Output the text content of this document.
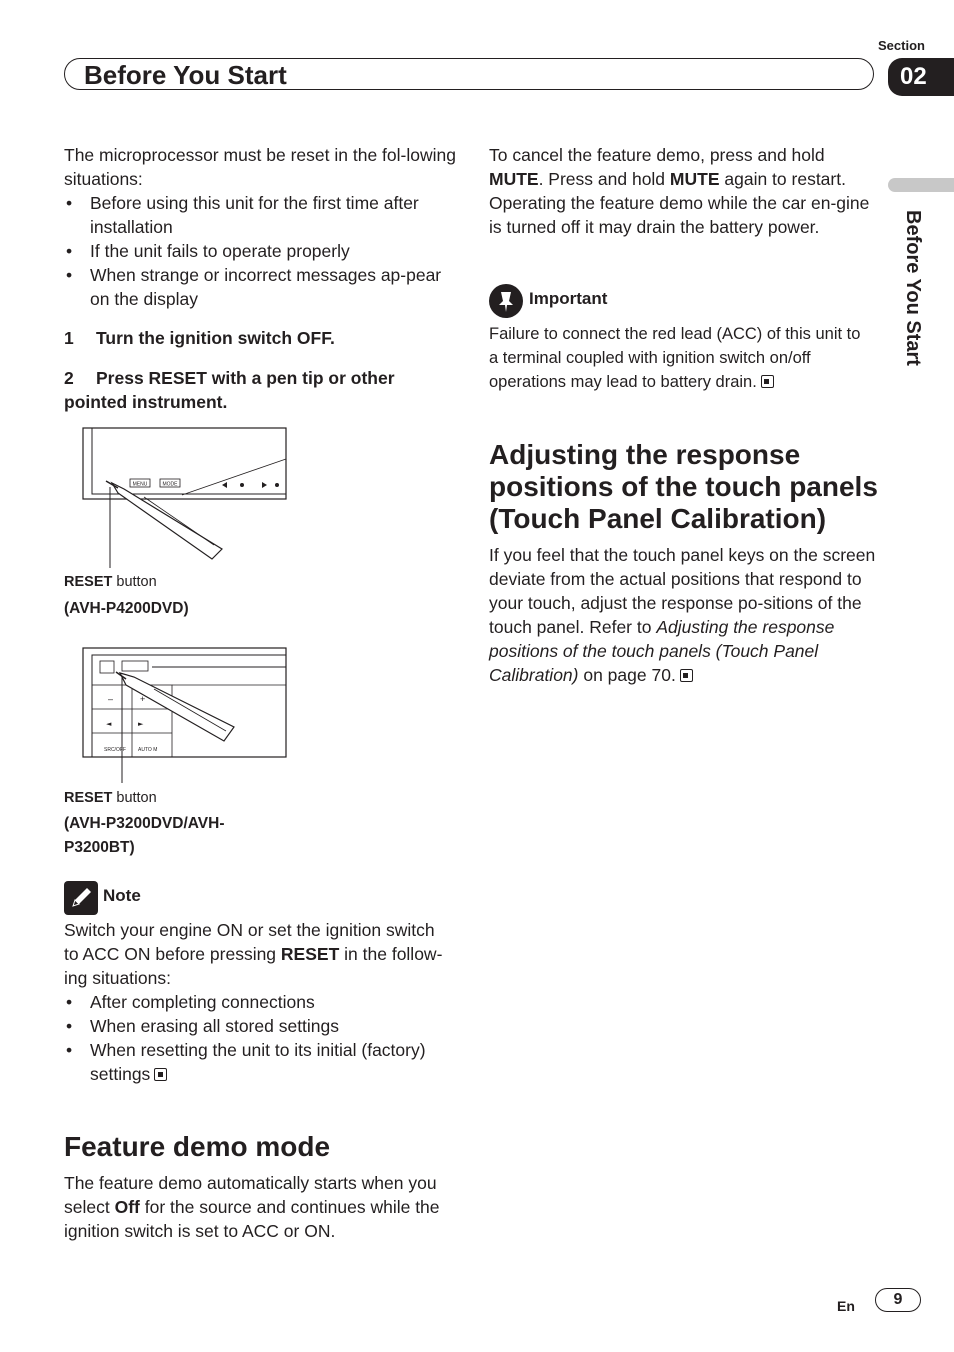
Section
Before You Start	02
Before You Start

The microprocessor must be reset in the fol-lowing situations:

• Before using this unit for the first time after installation
• If the unit fails to operate properly
• When strange or incorrect messages ap-pear on the display
1 Turn the ignition switch OFF.
2 Press RESET with a pen tip or other pointed instrument.
MENU	MODE
RESET button
(AVH-P4200DVD)
–	+
◄	►
SRC/OFF AUTO M
RESET button
(AVH-P3200DVD/AVH-
P3200BT)
Note

Switch your engine ON or set the ignition switch to ACC ON before pressing RESET in the follow-ing situations:

• After completing connections
• When erasing all stored settings
• When resetting the unit to its initial (factory) settings
Feature demo mode
The feature demo automatically starts when you select Off for the source and continues while the ignition switch is set to ACC or ON.
To cancel the feature demo, press and hold MUTE. Press and hold MUTE again to restart. Operating the feature demo while the car en-gine is turned off it may drain the battery power.
Important
Failure to connect the red lead (ACC) of this unit to a terminal coupled with ignition switch on/off operations may lead to battery drain.
Adjusting the response positions of the touch panels (Touch Panel Calibration)
If you feel that the touch panel keys on the screen deviate from the actual positions that respond to your touch, adjust the response po-sitions of the touch panel. Refer to Adjusting the response positions of the touch panels (Touch Panel Calibration) on page 70.
En	9
